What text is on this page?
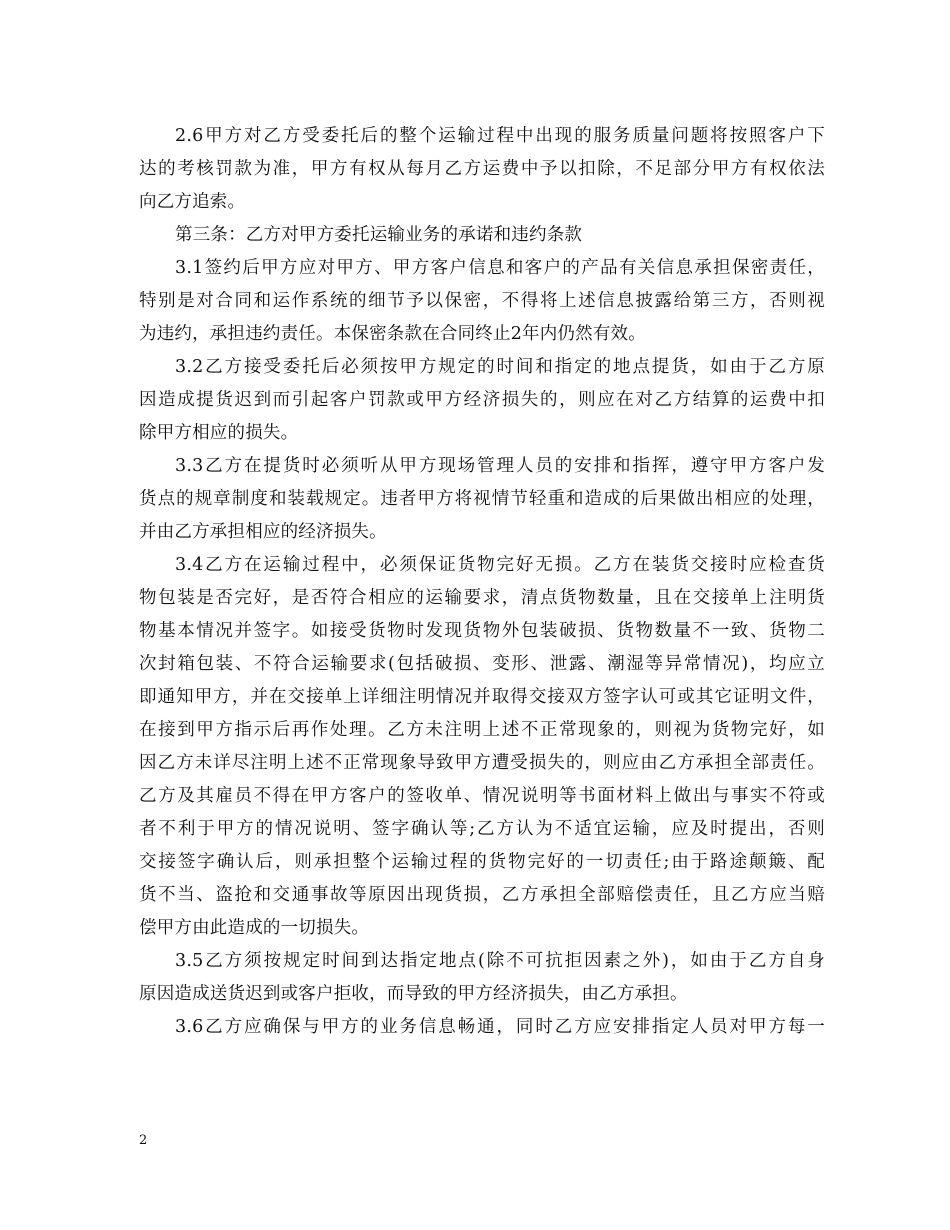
2.6甲方对乙方受委托后的整个运输过程中出现的服务质量问题将按照客户下
达的考核罚款为准，甲方有权从每月乙方运费中予以扣除，不足部分甲方有权依法
向乙方追索。
第三条：乙方对甲方委托运输业务的承诺和违约条款
3.1签约后甲方应对甲方、甲方客户信息和客户的产品有关信息承担保密责任，
特别是对合同和运作系统的细节予以保密，不得将上述信息披露给第三方，否则视
为违约，承担违约责任。本保密条款在合同终止2年内仍然有效。
3.2乙方接受委托后必须按甲方规定的时间和指定的地点提货，如由于乙方原
因造成提货迟到而引起客户罚款或甲方经济损失的，则应在对乙方结算的运费中扣
除甲方相应的损失。
3.3乙方在提货时必须听从甲方现场管理人员的安排和指挥，遵守甲方客户发
货点的规章制度和装载规定。违者甲方将视情节轻重和造成的后果做出相应的处理，
并由乙方承担相应的经济损失。
3.4乙方在运输过程中，必须保证货物完好无损。乙方在装货交接时应检查货
物包装是否完好，是否符合相应的运输要求，清点货物数量，且在交接单上注明货
物基本情况并签字。如接受货物时发现货物外包装破损、货物数量不一致、货物二
次封箱包装、不符合运输要求(包括破损、变形、泄露、潮湿等异常情况)，均应立
即通知甲方，并在交接单上详细注明情况并取得交接双方签字认可或其它证明文件，
在接到甲方指示后再作处理。乙方未注明上述不正常现象的，则视为货物完好，如
因乙方未详尽注明上述不正常现象导致甲方遭受损失的，则应由乙方承担全部责任。
乙方及其雇员不得在甲方客户的签收单、情况说明等书面材料上做出与事实不符或
者不利于甲方的情况说明、签字确认等;乙方认为不适宜运输，应及时提出，否则
交接签字确认后，则承担整个运输过程的货物完好的一切责任;由于路途颠簸、配
货不当、盗抢和交通事故等原因出现货损，乙方承担全部赔偿责任，且乙方应当赔
偿甲方由此造成的一切损失。
3.5乙方须按规定时间到达指定地点(除不可抗拒因素之外)，如由于乙方自身
原因造成送货迟到或客户拒收，而导致的甲方经济损失，由乙方承担。
3.6乙方应确保与甲方的业务信息畅通，同时乙方应安排指定人员对甲方每一
2
